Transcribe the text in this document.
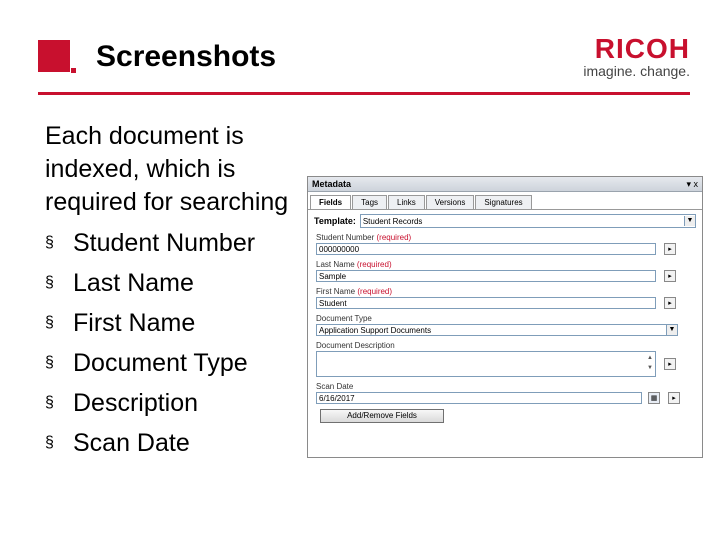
Screenshots	RICOH
imagine. change.
Each document is indexed, which is required for searching
§ Student Number
§ Last Name
§ First Name
§ Document Type
§ Description
§ Scan Date
Metadata	▾ x
Fields	Tags	Links	Versions	Signatures
Template: Student Records	▼
Student Number (required)
000000000	▸
Last Name (required)
Sample	▸
First Name (required)
Student	▸
Document Type
Application Support Documents	▼
Document Description
▲
▼	▸
Scan Date
6/16/2017	▦	▸
Add/Remove Fields
